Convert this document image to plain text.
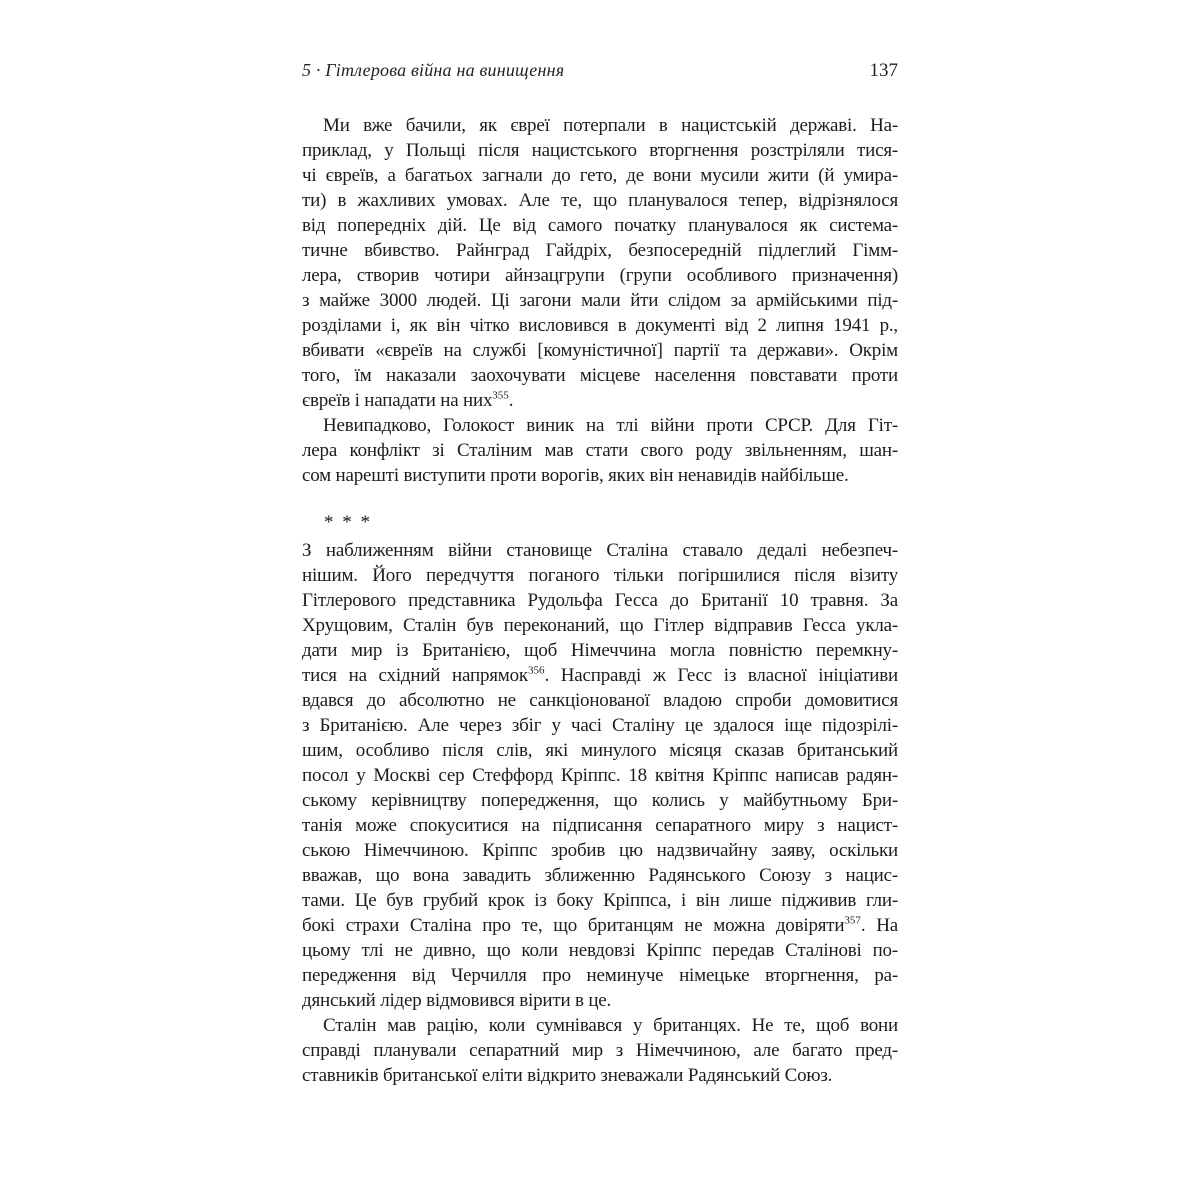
5 · Гітлерова війна на винищення	137
Ми вже бачили, як євреї потерпали в нацистській державі. На-
приклад, у Польщі після нацистського вторгнення розстріляли тися-
чі євреїв, а багатьох загнали до гето, де вони мусили жити (й умира-
ти) в жахливих умовах. Але те, що планувалося тепер, відрізнялося
від попередніх дій. Це від самого початку планувалося як система-
тичне вбивство. Райнград Гайдріх, безпосередній підлеглий Гімм-
лера, створив чотири айнзацгрупи (групи особливого призначення)
з майже 3000 людей. Ці загони мали йти слідом за армійськими під-
розділами і, як він чітко висловився в документі від 2 липня 1941 р.,
вбивати «євреїв на службі [комуністичної] партії та держави». Окрім
того, їм наказали заохочувати місцеве населення повставати проти
євреїв і нападати на них$^{355}$.
Невипадково, Голокост виник на тлі війни проти СРСР. Для Гіт-
лера конфлікт зі Сталіним мав стати свого роду звільненням, шан-
сом нарешті виступити проти ворогів, яких він ненавидів найбільше.
* * *
З наближенням війни становище Сталіна ставало дедалі небезпеч-
нішим. Його передчуття поганого тільки погіршилися після візиту
Гітлерового представника Рудольфа Гесса до Британії 10 травня. За
Хрущовим, Сталін був переконаний, що Гітлер відправив Гесса укла-
дати мир із Британією, щоб Німеччина могла повністю перемкну-
тися на східний напрямок$^{356}$. Насправді ж Гесс із власної ініціативи
вдався до абсолютно не санкціонованої владою спроби домовитися
з Британією. Але через збіг у часі Сталіну це здалося іще підозрілі-
шим, особливо після слів, які минулого місяця сказав британський
посол у Москві сер Стеффорд Кріппс. 18 квітня Кріппс написав радян-
ському керівництву попередження, що колись у майбутньому Бри-
танія може спокуситися на підписання сепаратного миру з нацист-
ською Німеччиною. Кріппс зробив цю надзвичайну заяву, оскільки
вважав, що вона завадить зближенню Радянського Союзу з нацис-
тами. Це був грубий крок із боку Кріппса, і він лише підживив гли-
бокі страхи Сталіна про те, що британцям не можна довіряти$^{357}$. На
цьому тлі не дивно, що коли невдовзі Кріппс передав Сталінові по-
передження від Черчилля про неминуче німецьке вторгнення, ра-
дянський лідер відмовився вірити в це.
Сталін мав рацію, коли сумнівався у британцях. Не те, щоб вони
справді планували сепаратний мир з Німеччиною, але багато пред-
ставників британської еліти відкрито зневажали Радянський Союз.
